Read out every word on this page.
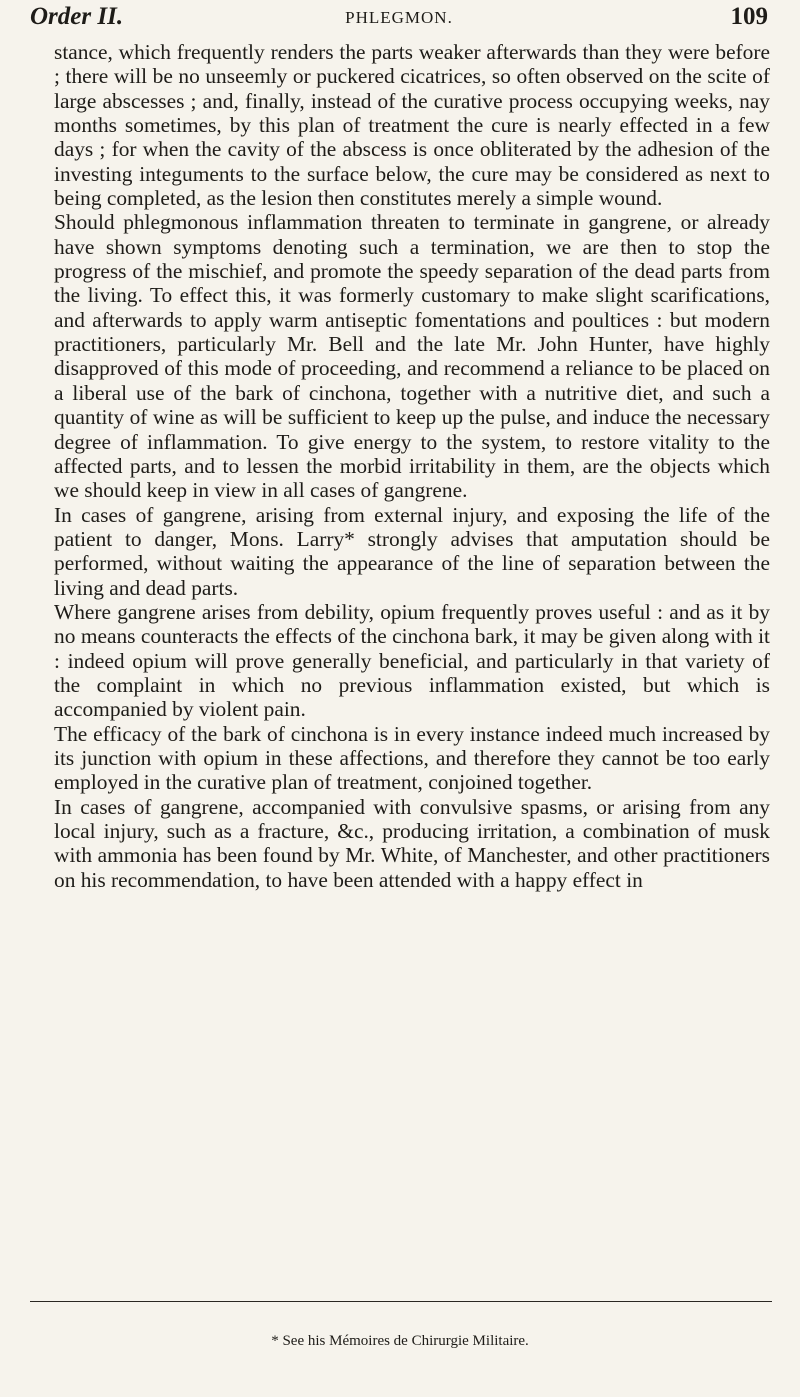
Order II.	PHLEGMON.	109

stance, which frequently renders the parts weaker afterwards than they were before ; there will be no unseemly or puckered cicatrices, so often observed on the scite of large abscesses ; and, finally, instead of the curative process occupying weeks, nay months sometimes, by this plan of treatment the cure is nearly effected in a few days ; for when the cavity of the abscess is once obliterated by the adhesion of the investing integuments to the surface below, the cure may be considered as next to being completed, as the lesion then constitutes merely a simple wound.

Should phlegmonous inflammation threaten to terminate in gangrene, or already have shown symptoms denoting such a termination, we are then to stop the progress of the mischief, and promote the speedy separation of the dead parts from the living. To effect this, it was formerly customary to make slight scarifications, and afterwards to apply warm antiseptic fomentations and poultices : but modern practitioners, particularly Mr. Bell and the late Mr. John Hunter, have highly disapproved of this mode of proceeding, and recommend a reliance to be placed on a liberal use of the bark of cinchona, together with a nutritive diet, and such a quantity of wine as will be sufficient to keep up the pulse, and induce the necessary degree of inflammation. To give energy to the system, to restore vitality to the affected parts, and to lessen the morbid irritability in them, are the objects which we should keep in view in all cases of gangrene.

In cases of gangrene, arising from external injury, and exposing the life of the patient to danger, Mons. Larry* strongly advises that amputation should be performed, without waiting the appearance of the line of separation between the living and dead parts.

Where gangrene arises from debility, opium frequently proves useful : and as it by no means counteracts the effects of the cinchona bark, it may be given along with it : indeed opium will prove generally beneficial, and particularly in that variety of the complaint in which no previous inflammation existed, but which is accompanied by violent pain.

The efficacy of the bark of cinchona is in every instance indeed much increased by its junction with opium in these affections, and therefore they cannot be too early employed in the curative plan of treatment, conjoined together.

In cases of gangrene, accompanied with convulsive spasms, or arising from any local injury, such as a fracture, &c., producing irritation, a combination of musk with ammonia has been found by Mr. White, of Manchester, and other practitioners on his recommendation, to have been attended with a happy effect in

* See his Mémoires de Chirurgie Militaire.
